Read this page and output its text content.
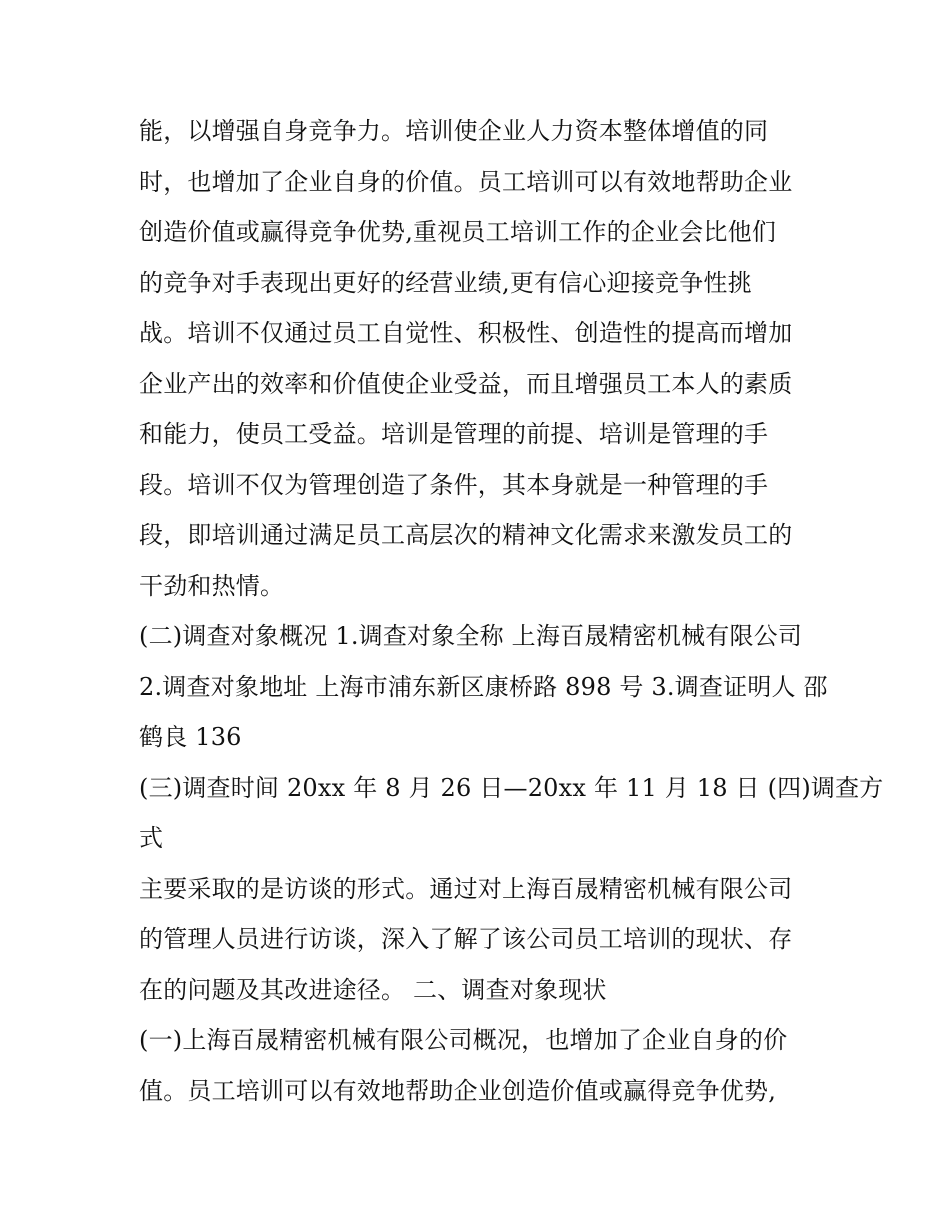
能，以增强自身竞争力。培训使企业人力资本整体增值的同
时，也增加了企业自身的价值。员工培训可以有效地帮助企业
创造价值或赢得竞争优势,重视员工培训工作的企业会比他们
的竞争对手表现出更好的经营业绩,更有信心迎接竞争性挑
战。培训不仅通过员工自觉性、积极性、创造性的提高而增加
企业产出的效率和价值使企业受益，而且增强员工本人的素质
和能力，使员工受益。培训是管理的前提、培训是管理的手
段。培训不仅为管理创造了条件，其本身就是一种管理的手
段，即培训通过满足员工高层次的精神文化需求来激发员工的
干劲和热情。
(二)调查对象概况 1.调查对象全称 上海百晟精密机械有限公司
2.调查对象地址 上海市浦东新区康桥路 898 号 3.调查证明人 邵
鹤良 136
(三)调查时间 20xx 年 8 月 26 日—20xx 年 11 月 18 日 (四)调查方
式
主要采取的是访谈的形式。通过对上海百晟精密机械有限公司
的管理人员进行访谈，深入了解了该公司员工培训的现状、存
在的问题及其改进途径。 二、调查对象现状
(一)上海百晟精密机械有限公司概况，也增加了企业自身的价
值。员工培训可以有效地帮助企业创造价值或赢得竞争优势,
